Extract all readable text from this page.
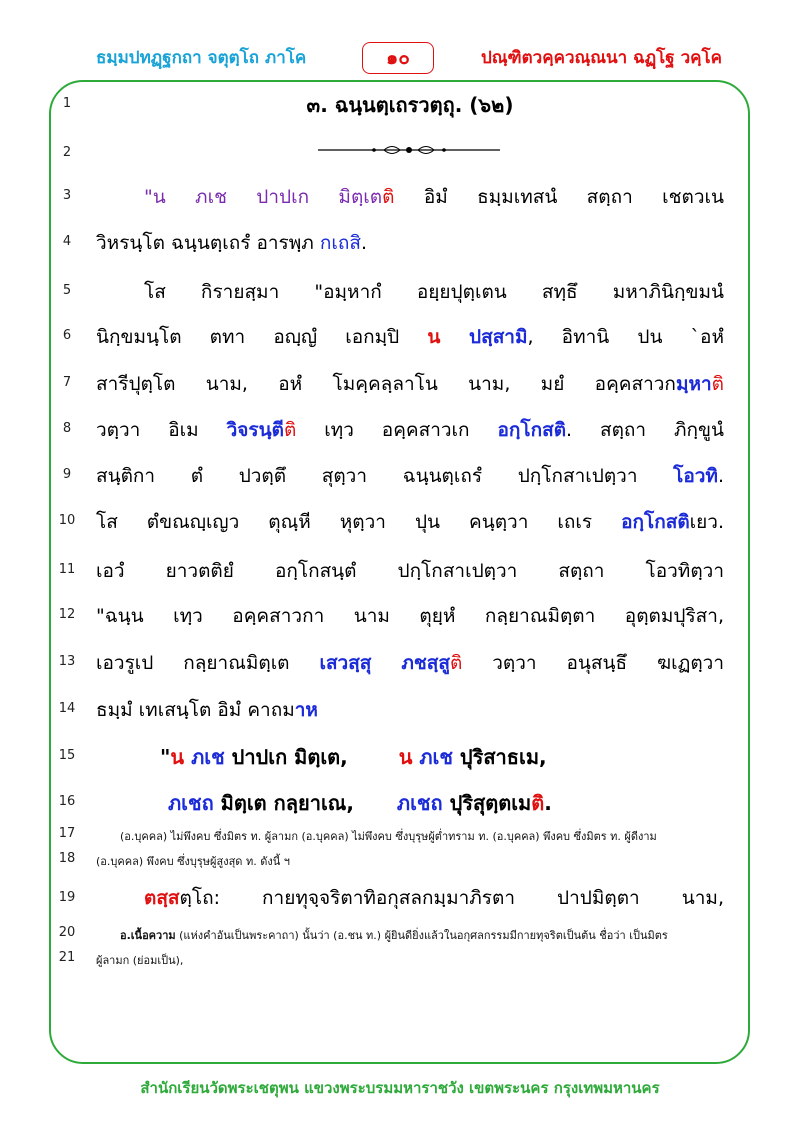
ธมฺมปทฏฺฐกถา จตุตฺโถ ภาโค	๑๐	ปณฺฑิตวคฺควณฺณนา ฉฏฺโฐ วคฺโค
1
2
3
4
5
6
7
8
9
10
11
12
13
14
15
16
17
18
19
20
21
๓. ฉนฺนตฺเถรวตฺถุ. (๖๒)
"น ภเช ปาปเก มิตฺเตติ อิมํ ธมฺมเทสนํ สตฺถา เชตวเน
วิหรนฺโต ฉนฺนตฺเถรํ อารพฺภ กเถสิ.
โส กิรายสฺมา "อมฺหากํ อยฺยปุตฺเตน สทฺธึ มหาภินิกฺขมนํ
นิกฺขมนฺโต ตทา อญฺญํ เอกมฺปิ น ปสฺสามิ, อิทานิ ปน `อหํ
สารีปุตฺโต นาม, อหํ โมคฺคลฺลาโน นาม, มยํ อคฺคสาวกมฺหาติ
วตฺวา อิเม วิจรนฺตีติ เทฺว อคฺคสาวเก อกฺโกสติ. สตฺถา ภิกฺขูนํ
สนฺติกา ตํ ปวตฺตึ สุตฺวา ฉนฺนตฺเถรํ ปกฺโกสาเปตฺวา โอวทิ.
โส ตํขณญฺเญว ตุณฺหี หุตฺวา ปุน คนฺตฺวา เถเร อกฺโกสติเยว.
เอวํ ยาวตติยํ อกฺโกสนฺตํ ปกฺโกสาเปตฺวา สตฺถา โอวทิตฺวา
"ฉนฺน เทฺว อคฺคสาวกา นาม ตุยฺหํ กลฺยาณมิตฺตา อุตฺตมปุริสา,
เอวรูเป กลฺยาณมิตฺเต เสวสฺสุ ภชสฺสูติ วตฺวา อนุสนฺธึ ฆเฏตฺวา
ธมฺมํ เทเสนฺโต อิมํ คาถมาห
"น ภเช ปาปเก มิตฺเต,	น ภเช ปุริสาธเม,
ภเชถ มิตฺเต กลฺยาเณ, ภเชถ ปุริสุตฺตเมติ.
(อ.บุคคล) ไม่พึงคบ ซึ่งมิตร ท. ผู้ลามก (อ.บุคคล) ไม่พึงคบ ซึ่งบุรุษผู้ต่ำทราม ท. (อ.บุคคล) พึงคบ ซึ่งมิตร ท. ผู้ดีงาม
(อ.บุคคล) พึงคบ ซึ่งบุรุษผู้สูงสุด ท. ดังนี้ ฯ
ตสฺสตฺโถ: กายทุจฺจริตาทิอกุสลกมฺมาภิรตา ปาปมิตฺตา นาม,
อ.เนื้อความ (แห่งคำอันเป็นพระคาถา) นั้นว่า (อ.ชน ท.) ผู้ยินดียิ่งแล้วในอกุศลกรรมมีกายทุจริตเป็นต้น ชื่อว่า เป็นมิตร
ผู้ลามก (ย่อมเป็น),
สำนักเรียนวัดพระเชตุพน แขวงพระบรมมหาราชวัง เขตพระนคร กรุงเทพมหานคร
